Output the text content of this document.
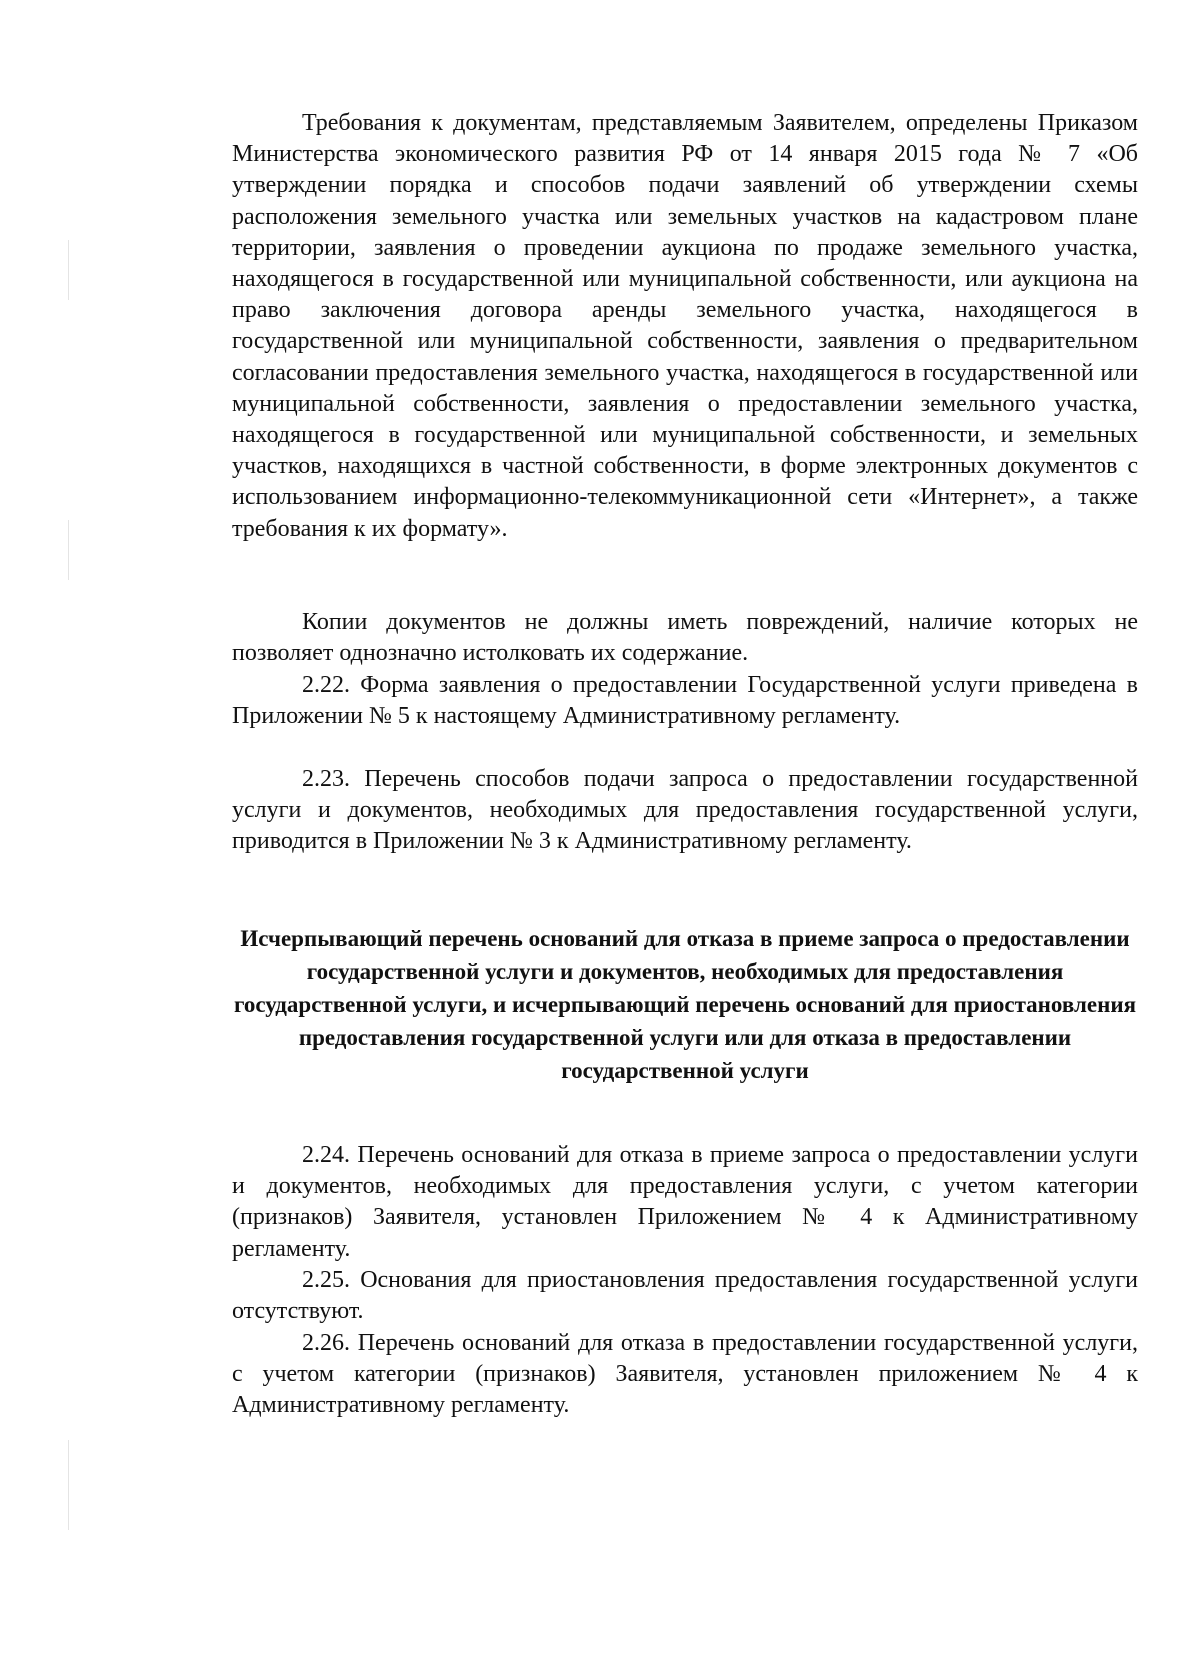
Требования к документам, представляемым Заявителем, определены Приказом Министерства экономического развития РФ от 14 января 2015 года № 7 «Об утверждении порядка и способов подачи заявлений об утверждении схемы расположения земельного участка или земельных участков на кадастровом плане территории, заявления о проведении аукциона по продаже земельного участка, находящегося в государственной или муниципальной собственности, или аукциона на право заключения договора аренды земельного участка, находящегося в государственной или муниципальной собственности, заявления о предварительном согласовании предоставления земельного участка, находящегося в государственной или муниципальной собственности, заявления о предоставлении земельного участка, находящегося в государственной или муниципальной собственности, и земельных участков, находящихся в частной собственности, в форме электронных документов с использованием информационно-телекоммуникационной сети «Интернет», а также требования к их формату».

Копии документов не должны иметь повреждений, наличие которых не позволяет однозначно истолковать их содержание.

2.22. Форма заявления о предоставлении Государственной услуги приведена в Приложении № 5 к настоящему Административному регламенту.

2.23. Перечень способов подачи запроса о предоставлении государственной услуги и документов, необходимых для предоставления государственной услуги, приводится в Приложении № 3 к Административному регламенту.

Исчерпывающий перечень оснований для отказа в приеме запроса о предоставлении государственной услуги и документов, необходимых для предоставления государственной услуги, и исчерпывающий перечень оснований для приостановления предоставления государственной услуги или для отказа в предоставлении государственной услуги

2.24. Перечень оснований для отказа в приеме запроса о предоставлении услуги и документов, необходимых для предоставления услуги, с учетом категории (признаков) Заявителя, установлен Приложением № 4 к Административному регламенту.

2.25. Основания для приостановления предоставления государственной услуги отсутствуют.

2.26. Перечень оснований для отказа в предоставлении государственной услуги, с учетом категории (признаков) Заявителя, установлен приложением № 4 к Административному регламенту.
